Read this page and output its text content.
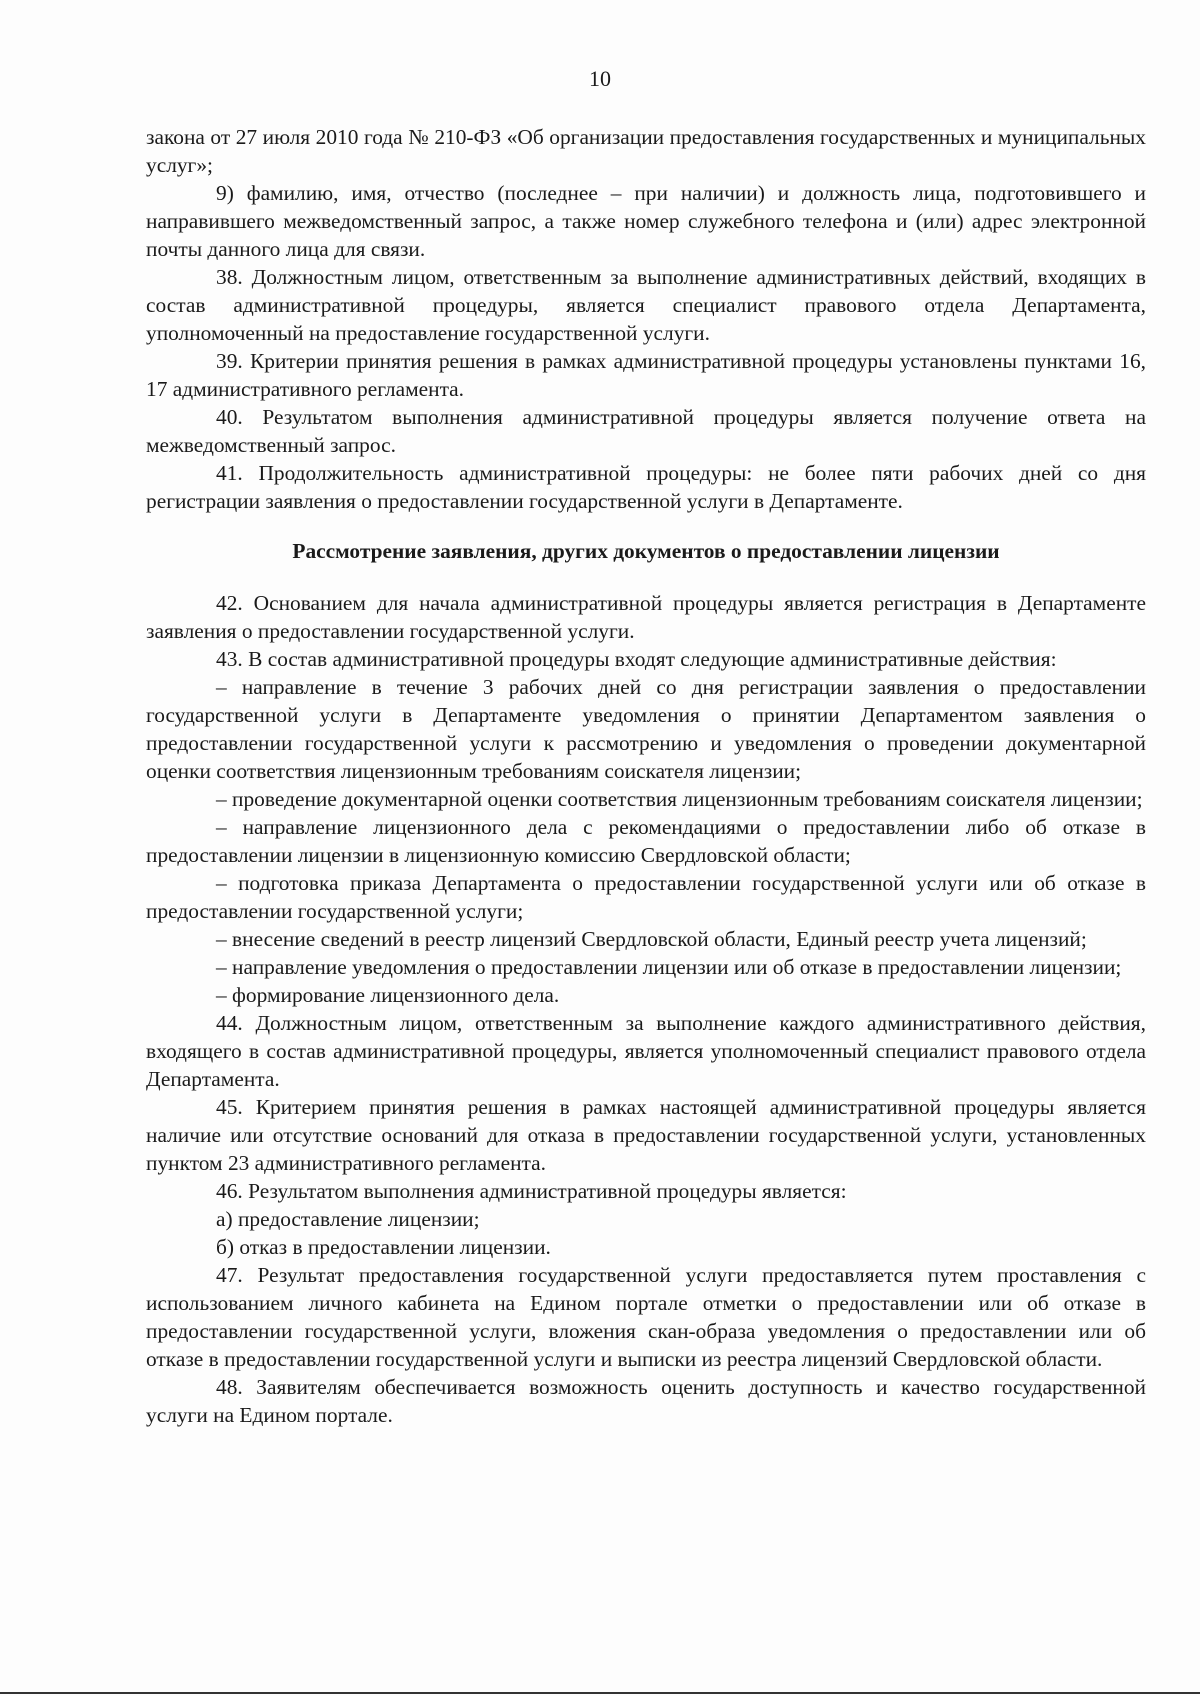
10

закона от 27 июля 2010 года № 210-ФЗ «Об организации предоставления государственных и муниципальных услуг»;

9) фамилию, имя, отчество (последнее – при наличии) и должность лица, подготовившего и направившего межведомственный запрос, а также номер служебного телефона и (или) адрес электронной почты данного лица для связи.

38. Должностным лицом, ответственным за выполнение административных действий, входящих в состав административной процедуры, является специалист правового отдела Департамента, уполномоченный на предоставление государственной услуги.

39. Критерии принятия решения в рамках административной процедуры установлены пунктами 16, 17 административного регламента.

40. Результатом выполнения административной процедуры является получение ответа на межведомственный запрос.

41. Продолжительность административной процедуры: не более пяти рабочих дней со дня регистрации заявления о предоставлении государственной услуги в Департаменте.

Рассмотрение заявления, других документов о предоставлении лицензии

42. Основанием для начала административной процедуры является регистрация в Департаменте заявления о предоставлении государственной услуги.

43. В состав административной процедуры входят следующие административные действия:

– направление в течение 3 рабочих дней со дня регистрации заявления о предоставлении государственной услуги в Департаменте уведомления о принятии Департаментом заявления о предоставлении государственной услуги к рассмотрению и уведомления о проведении документарной оценки соответствия лицензионным требованиям соискателя лицензии;

– проведение документарной оценки соответствия лицензионным требованиям соискателя лицензии;

– направление лицензионного дела с рекомендациями о предоставлении либо об отказе в предоставлении лицензии в лицензионную комиссию Свердловской области;

– подготовка приказа Департамента о предоставлении государственной услуги или об отказе в предоставлении государственной услуги;

– внесение сведений в реестр лицензий Свердловской области, Единый реестр учета лицензий;

– направление уведомления о предоставлении лицензии или об отказе в предоставлении лицензии;

– формирование лицензионного дела.

44. Должностным лицом, ответственным за выполнение каждого административного действия, входящего в состав административной процедуры, является уполномоченный специалист правового отдела Департамента.

45. Критерием принятия решения в рамках настоящей административной процедуры является наличие или отсутствие оснований для отказа в предоставлении государственной услуги, установленных пунктом 23 административного регламента.

46. Результатом выполнения административной процедуры является:

а) предоставление лицензии;

б) отказ в предоставлении лицензии.

47. Результат предоставления государственной услуги предоставляется путем проставления с использованием личного кабинета на Едином портале отметки о предоставлении или об отказе в предоставлении государственной услуги, вложения скан-образа уведомления о предоставлении или об отказе в предоставлении государственной услуги и выписки из реестра лицензий Свердловской области.

48. Заявителям обеспечивается возможность оценить доступность и качество государственной услуги на Едином портале.
